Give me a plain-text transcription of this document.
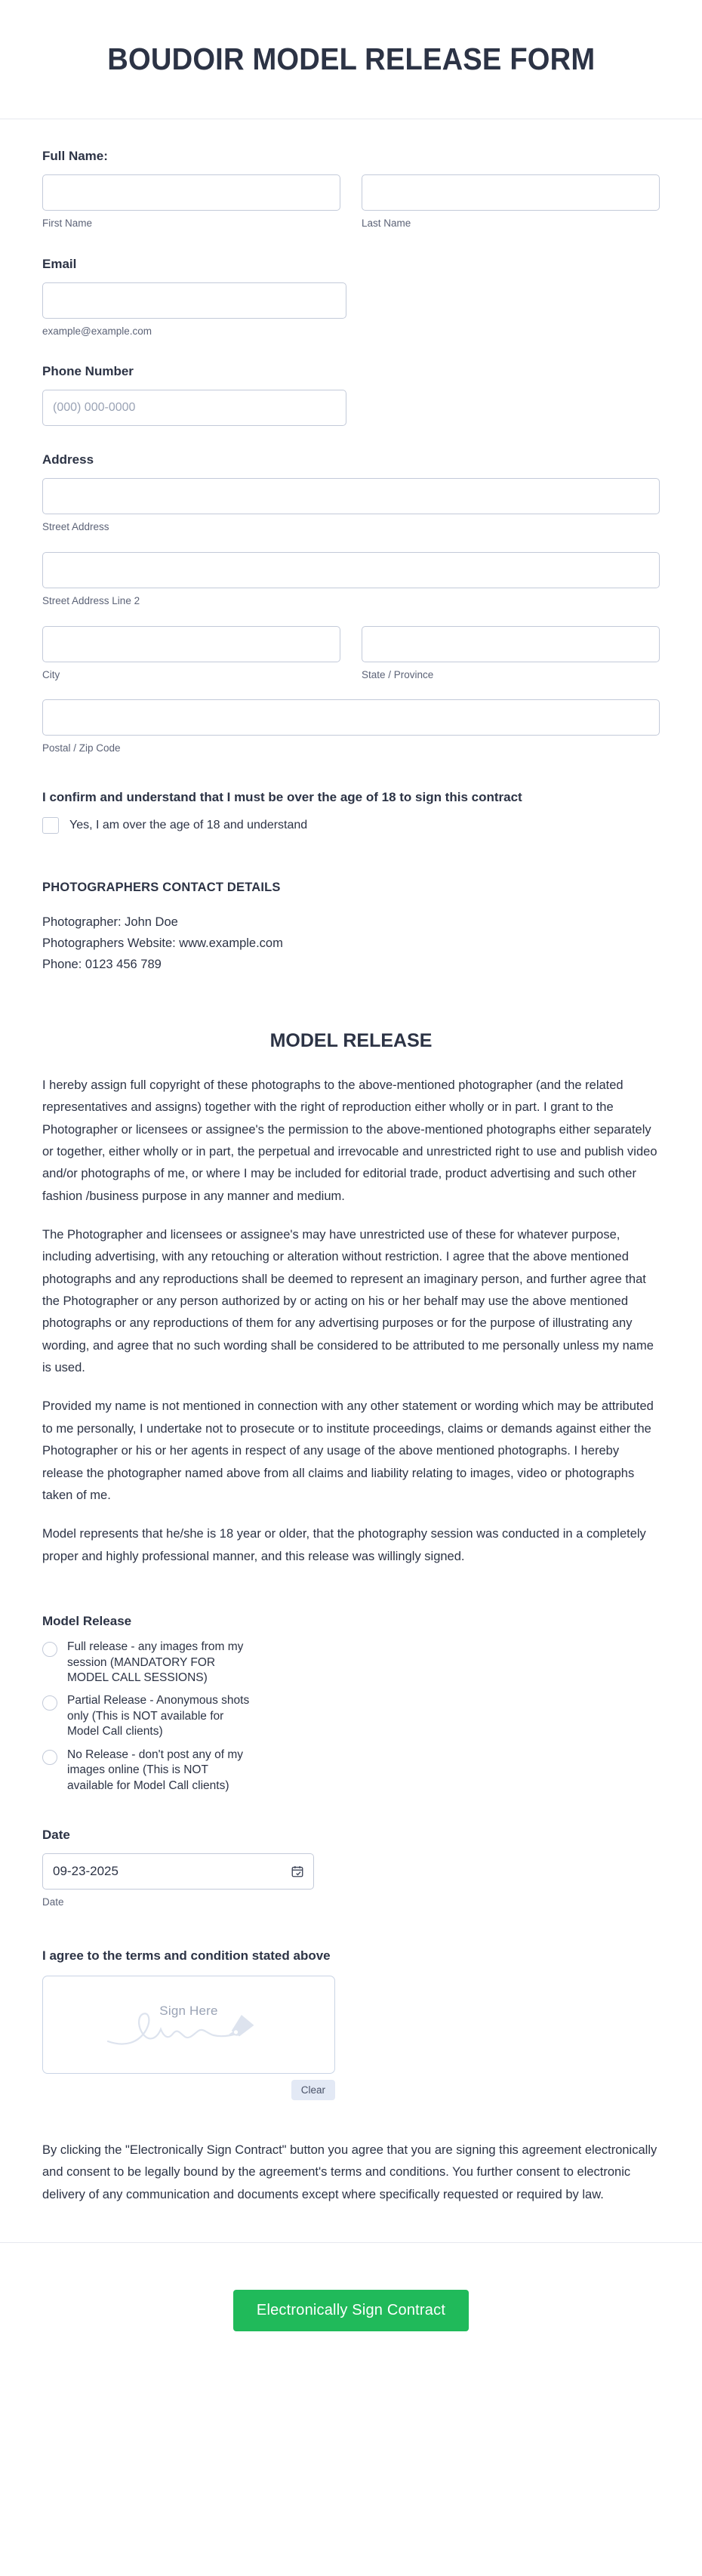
BOUDOIR MODEL RELEASE FORM
Full Name:
First Name	Last Name
Email
example@example.com
Phone Number
(000) 000-0000
Address
Street Address
Street Address Line 2
City	State / Province
Postal / Zip Code
I confirm and understand that I must be over the age of 18 to sign this contract
Yes, I am over the age of 18 and understand
PHOTOGRAPHERS CONTACT DETAILS
Photographer: John Doe
Photographers Website: www.example.com
Phone: 0123 456 789
MODEL RELEASE

I hereby assign full copyright of these photographs to the above-mentioned photographer (and the related representatives and assigns) together with the right of reproduction either wholly or in part. I grant to the Photographer or licensees or assignee's the permission to the above-mentioned photographs either separately or together, either wholly or in part, the perpetual and irrevocable and unrestricted right to use and publish video and/or photographs of me, or where I may be included for editorial trade, product advertising and such other fashion /business purpose in any manner and medium.

The Photographer and licensees or assignee's may have unrestricted use of these for whatever purpose, including advertising, with any retouching or alteration without restriction. I agree that the above mentioned photographs and any reproductions shall be deemed to represent an imaginary person, and further agree that the Photographer or any person authorized by or acting on his or her behalf may use the above mentioned photographs or any reproductions of them for any advertising purposes or for the purpose of illustrating any wording, and agree that no such wording shall be considered to be attributed to me personally unless my name is used.

Provided my name is not mentioned in connection with any other statement or wording which may be attributed to me personally, I undertake not to prosecute or to institute proceedings, claims or demands against either the Photographer or his or her agents in respect of any usage of the above mentioned photographs. I hereby release the photographer named above from all claims and liability relating to images, video or photographs taken of me.

Model represents that he/she is 18 year or older, that the photography session was conducted in a completely proper and highly professional manner, and this release was willingly signed.

Model Release
Full release - any images from my session (MANDATORY FOR MODEL CALL SESSIONS)
Partial Release - Anonymous shots only (This is NOT available for Model Call clients)
No Release - don't post any of my images online (This is NOT available for Model Call clients)
Date
09-23-2025
Date
I agree to the terms and condition stated above
Sign Here
Clear

By clicking the "Electronically Sign Contract" button you agree that you are signing this agreement electronically and consent to be legally bound by the agreement's terms and conditions. You further consent to electronic delivery of any communication and documents except where specifically requested or required by law.

Electronically Sign Contract
